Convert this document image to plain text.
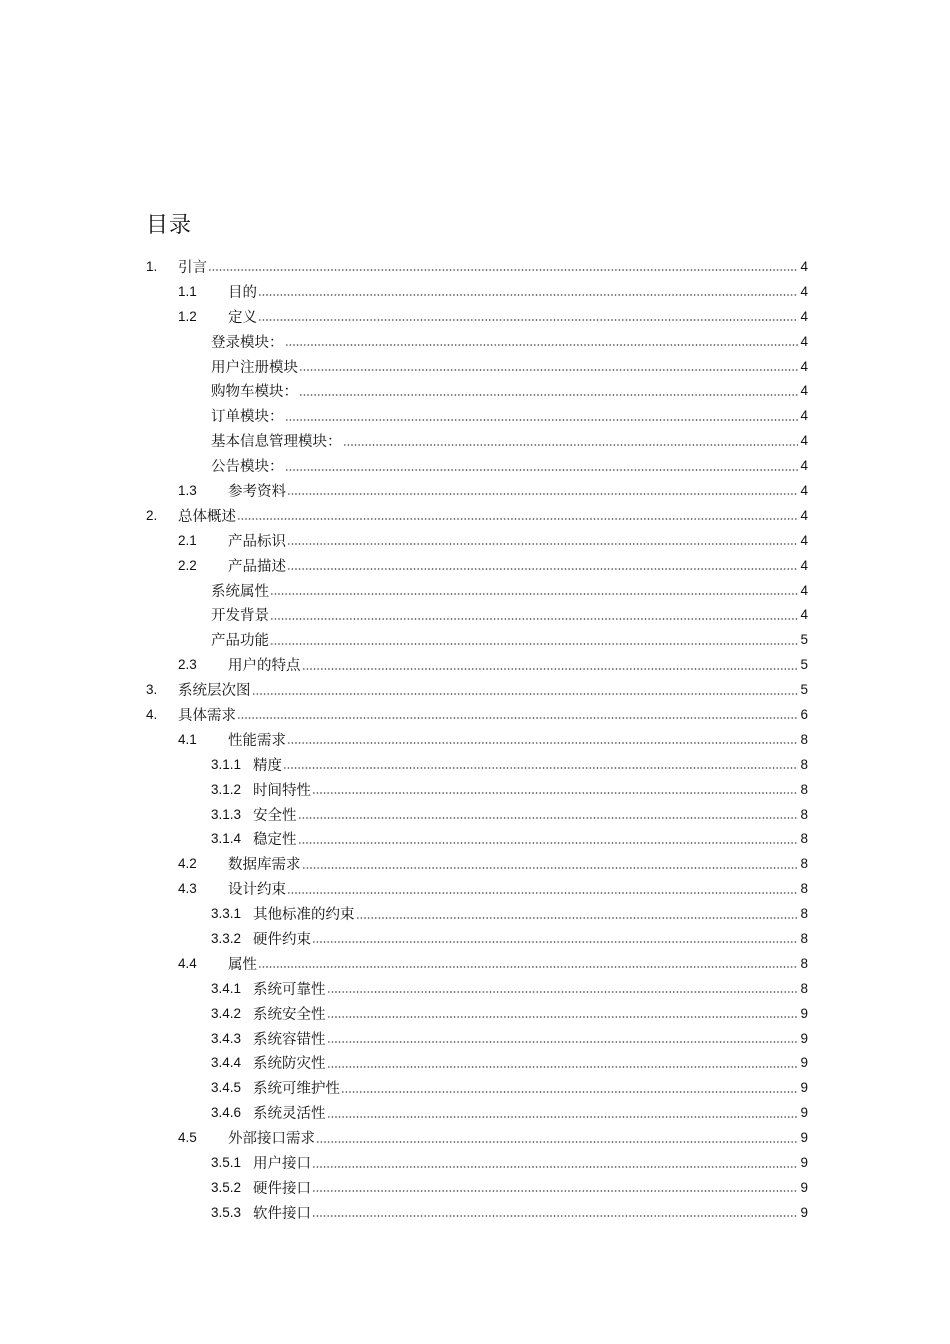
目录
1.	引言	4
1.1	目的	4
1.2	定义	4
登录模块：	4
用户注册模块	4
购物车模块：	4
订单模块：	4
基本信息管理模块：	4
公告模块：	4
1.3	参考资料	4
2.	总体概述	4
2.1	产品标识	4
2.2	产品描述	4
系统属性	4
开发背景	4
产品功能	5
2.3	用户的特点	5
3.	系统层次图	5
4.	具体需求	6
4.1	性能需求	8
3.1.1 精度	8
3.1.2 时间特性	8
3.1.3 安全性	8
3.1.4 稳定性	8
4.2	数据库需求	8
4.3	设计约束	8
3.3.1 其他标准的约束	8
3.3.2 硬件约束	8
4.4	属性	8
3.4.1 系统可靠性	8
3.4.2 系统安全性	9
3.4.3 系统容错性	9
3.4.4 系统防灾性	9
3.4.5 系统可维护性	9
3.4.6 系统灵活性	9
4.5	外部接口需求	9
3.5.1 用户接口	9
3.5.2 硬件接口	9
3.5.3 软件接口	9
